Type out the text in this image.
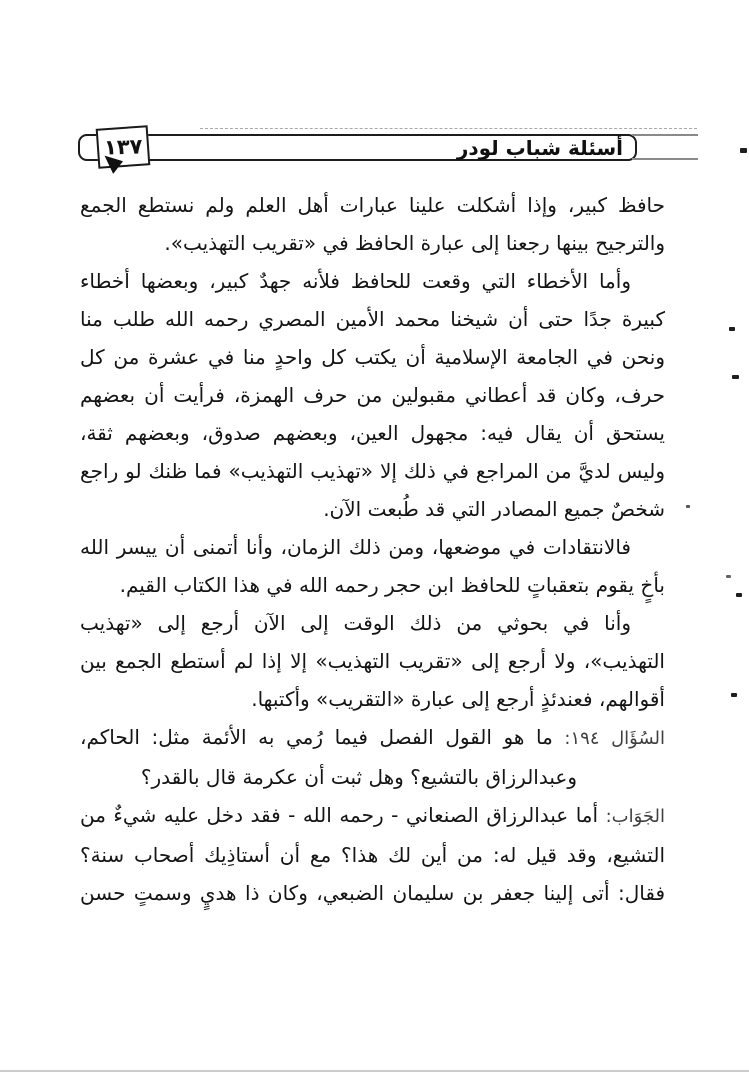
أسئلة شباب لودر
١٣٧

حافظ كبير، وإذا أشكلت علينا عبارات أهل العلم ولم نستطع الجمع والترجيح بينها رجعنا إلى عبارة الحافظ في «تقريب التهذيب».

وأما الأخطاء التي وقعت للحافظ فلأنه جهدٌ كبير، وبعضها أخطاء كبيرة جدًا حتى أن شيخنا محمد الأمين المصري رحمه الله طلب منا ونحن في الجامعة الإسلامية أن يكتب كل واحدٍ منا في عشرة من كل حرف، وكان قد أعطاني مقبولين من حرف الهمزة، فرأيت أن بعضهم يستحق أن يقال فيه: مجهول العين، وبعضهم صدوق، وبعضهم ثقة، وليس لديَّ من المراجع في ذلك إلا «تهذيب التهذيب» فما ظنك لو راجع شخصٌ جميع المصادر التي قد طُبعت الآن.

فالانتقادات في موضعها، ومن ذلك الزمان، وأنا أتمنى أن ييسر الله بأخٍ يقوم بتعقباتٍ للحافظ ابن حجر رحمه الله في هذا الكتاب القيم.

وأنا في بحوثي من ذلك الوقت إلى الآن أرجع إلى «تهذيب التهذيب»، ولا أرجع إلى «تقريب التهذيب» إلا إذا لم أستطع الجمع بين أقوالهم، فعندئذٍ أرجع إلى عبارة «التقريب» وأكتبها.

السُؤَال ١٩٤: ما هو القول الفصل فيما رُمي به الأئمة مثل: الحاكم، وعبدالرزاق بالتشيع؟ وهل ثبت أن عكرمة قال بالقدر؟

الجَوَاب: أما عبدالرزاق الصنعاني - رحمه الله - فقد دخل عليه شيءٌ من التشيع، وقد قيل له: من أين لك هذا؟ مع أن أستاذِيك أصحاب سنة؟ فقال: أتى إلينا جعفر بن سليمان الضبعي، وكان ذا هديٍ وسمتٍ حسن
